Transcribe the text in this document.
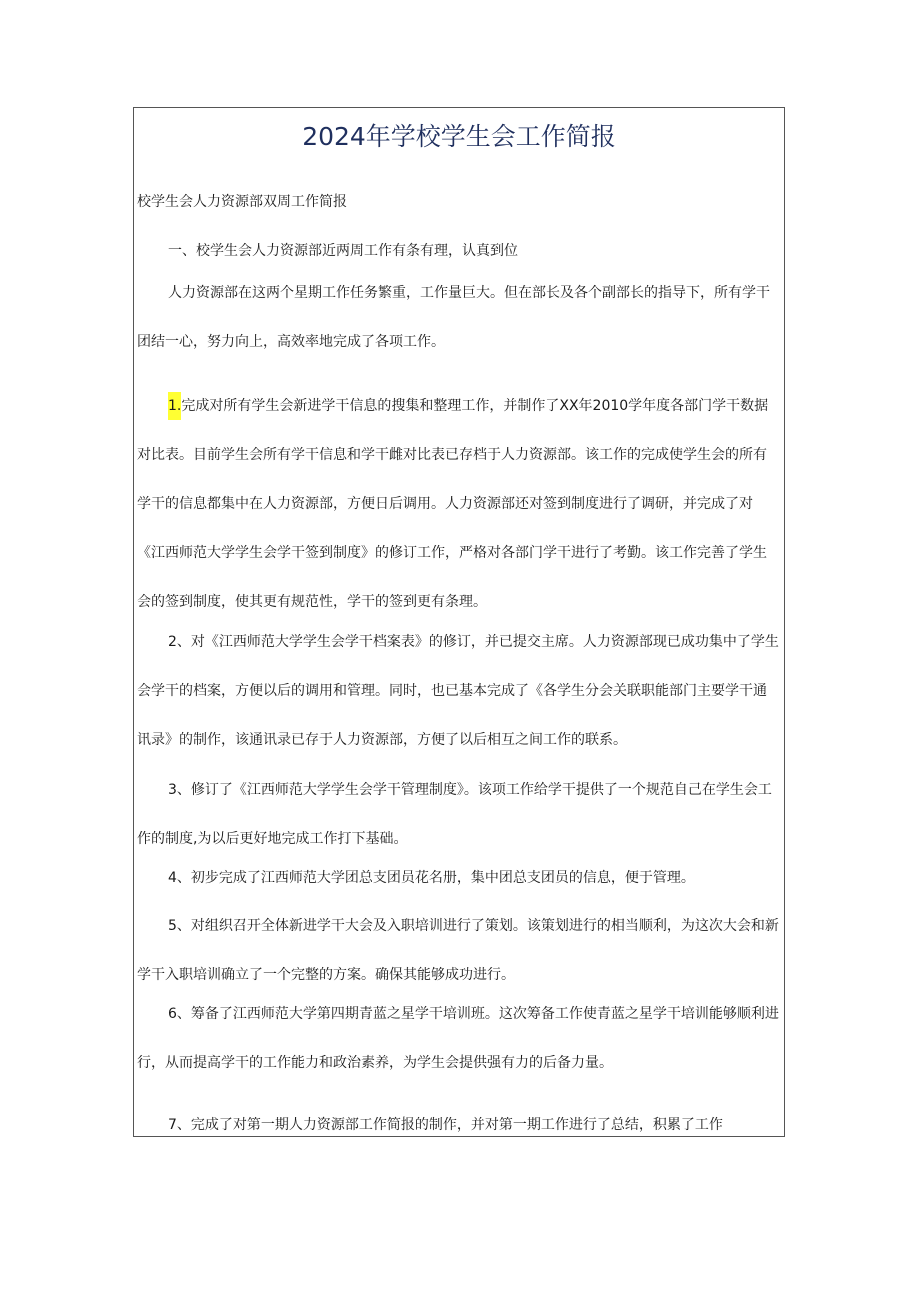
2024年学校学生会工作简报
校学生会人力资源部双周工作简报
一、校学生会人力资源部近两周工作有条有理，认真到位

人力资源部在这两个星期工作任务繁重，工作量巨大。但在部长及各个副部长的指导下，所有学干团结一心，努力向上，高效率地完成了各项工作。

1.完成对所有学生会新进学干信息的搜集和整理工作，并制作了XX年2010学年度各部门学干数据对比表。目前学生会所有学干信息和学干雌对比表已存档于人力资源部。该工作的完成使学生会的所有学干的信息都集中在人力资源部，方便日后调用。人力资源部还对签到制度进行了调研，并完成了对《江西师范大学学生会学干签到制度》的修订工作，严格对各部门学干进行了考勤。该工作完善了学生会的签到制度，使其更有规范性，学干的签到更有条理。

2、对《江西师范大学学生会学干档案表》的修订，并已提交主席。人力资源部现已成功集中了学生会学干的档案，方便以后的调用和管理。同时，也已基本完成了《各学生分会关联职能部门主要学干通讯录》的制作，该通讯录已存于人力资源部，方便了以后相互之间工作的联系。

3、修订了《江西师范大学学生会学干管理制度》。该项工作给学干提供了一个规范自己在学生会工作的制度,为以后更好地完成工作打下基础。

4、初步完成了江西师范大学团总支团员花名册，集中团总支团员的信息，便于管理。

5、对组织召开全体新进学干大会及入职培训进行了策划。该策划进行的相当顺利，为这次大会和新学干入职培训确立了一个完整的方案。确保其能够成功进行。

6、筹备了江西师范大学第四期青蓝之星学干培训班。这次筹备工作使青蓝之星学干培训能够顺利进行，从而提高学干的工作能力和政治素养，为学生会提供强有力的后备力量。

7、完成了对第一期人力资源部工作简报的制作，并对第一期工作进行了总结，积累了工作
